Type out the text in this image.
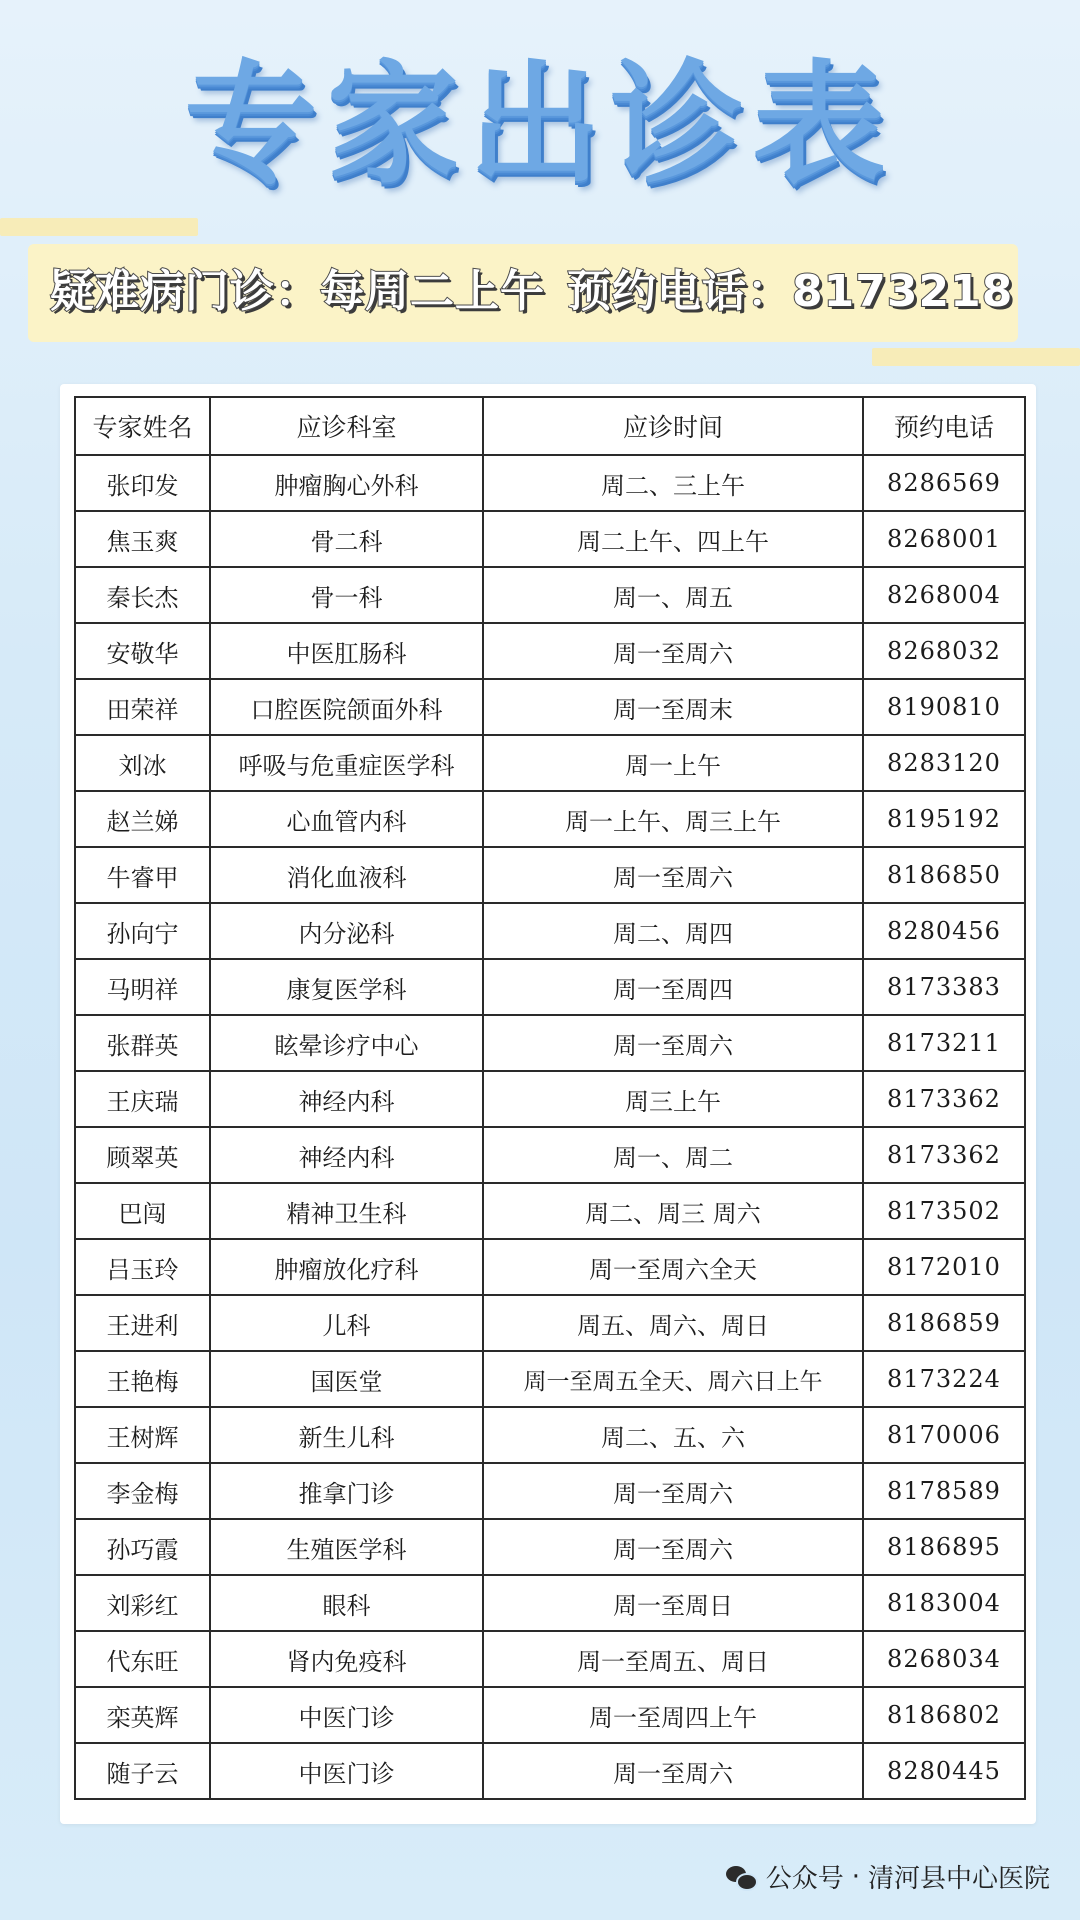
专家出诊表
疑难病门诊：每周二上午 预约电话：8173218
专家姓名	应诊科室	应诊时间	预约电话
张印发	肿瘤胸心外科	周二、三上午	8286569
焦玉爽	骨二科	周二上午、四上午	8268001
秦长杰	骨一科	周一、周五	8268004
安敬华	中医肛肠科	周一至周六	8268032
田荣祥	口腔医院颌面外科	周一至周末	8190810
刘冰	呼吸与危重症医学科	周一上午	8283120
赵兰娣	心血管内科	周一上午、周三上午	8195192
牛睿甲	消化血液科	周一至周六	8186850
孙向宁	内分泌科	周二、周四	8280456
马明祥	康复医学科	周一至周四	8173383
张群英	眩晕诊疗中心	周一至周六	8173211
王庆瑞	神经内科	周三上午	8173362
顾翠英	神经内科	周一、周二	8173362
巴闯	精神卫生科	周二、周三 周六	8173502
吕玉玲	肿瘤放化疗科	周一至周六全天	8172010
王进利	儿科	周五、周六、周日	8186859
王艳梅	国医堂	周一至周五全天、周六日上午	8173224
王树辉	新生儿科	周二、五、六	8170006
李金梅	推拿门诊	周一至周六	8178589
孙巧霞	生殖医学科	周一至周六	8186895
刘彩红	眼科	周一至周日	8183004
代东旺	肾内免疫科	周一至周五、周日	8268034
栾英辉	中医门诊	周一至周四上午	8186802
随子云	中医门诊	周一至周六	8280445
公众号 · 清河县中心医院
